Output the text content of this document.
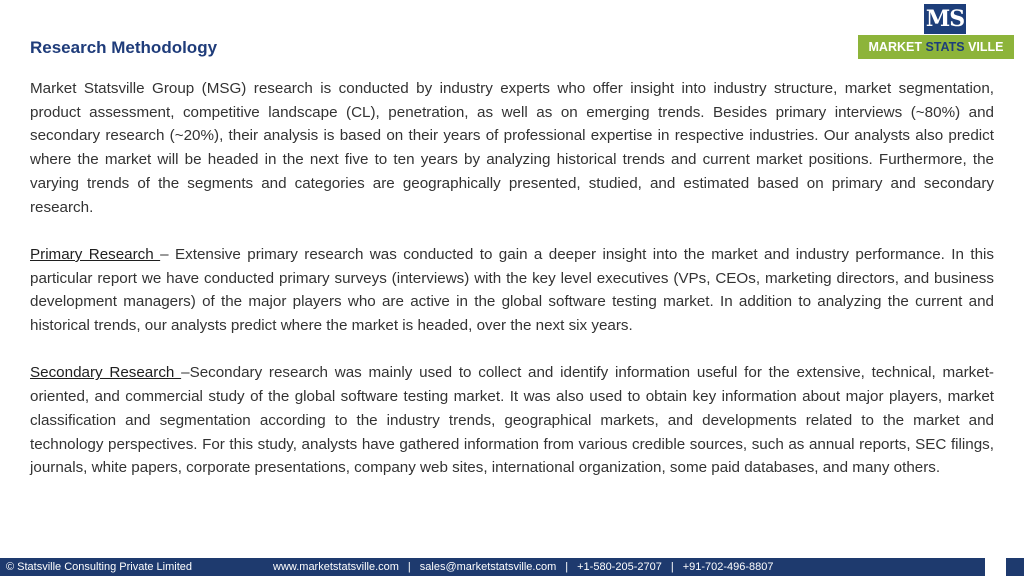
Research Methodology
MS
MARKET STATS VILLE

Market Statsville Group (MSG) research is conducted by industry experts who offer insight into industry structure, market segmentation, product assessment, competitive landscape (CL), penetration, as well as on emerging trends. Besides primary interviews (~80%) and secondary research (~20%), their analysis is based on their years of professional expertise in respective industries. Our analysts also predict where the market will be headed in the next five to ten years by analyzing historical trends and current market positions. Furthermore, the varying trends of the segments and categories are geographically presented, studied, and estimated based on primary and secondary research.

Primary Research – Extensive primary research was conducted to gain a deeper insight into the market and industry performance. In this particular report we have conducted primary surveys (interviews) with the key level executives (VPs, CEOs, marketing directors, and business development managers) of the major players who are active in the global software testing market. In addition to analyzing the current and historical trends, our analysts predict where the market is headed, over the next six years.

Secondary Research –Secondary research was mainly used to collect and identify information useful for the extensive, technical, market-oriented, and commercial study of the global software testing market. It was also used to obtain key information about major players, market classification and segmentation according to the industry trends, geographical markets, and developments related to the market and technology perspectives. For this study, analysts have gathered information from various credible sources, such as annual reports, SEC filings, journals, white papers, corporate presentations, company web sites, international organization, some paid databases, and many others.

© Statsville Consulting Private Limited	www.marketstatsville.com | sales@marketstatsville.com | +1-580-205-2707 | +91-702-496-8807
